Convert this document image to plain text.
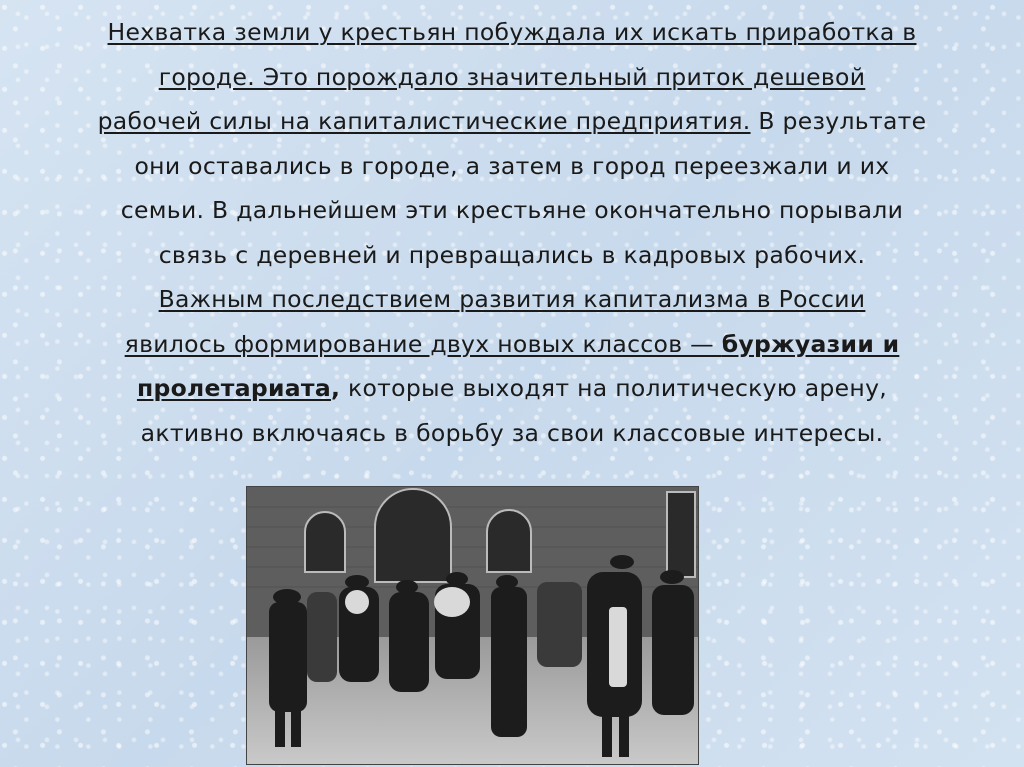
Нехватка земли у крестьян побуждала их искать приработка в
городе. Это порождало значительный приток дешевой
рабочей силы на капиталистические предприятия. В результате
они оставались в городе, а затем в город переезжали и их
семьи. В дальнейшем эти крестьяне окончательно порывали
связь с деревней и превращались в кадровых рабочих.
Важным последствием развития капитализма в России
явилось формирование двух новых классов — буржуазии и
пролетариата, которые выходят на политическую арену,
активно включаясь в борьбу за свои классовые интересы.
